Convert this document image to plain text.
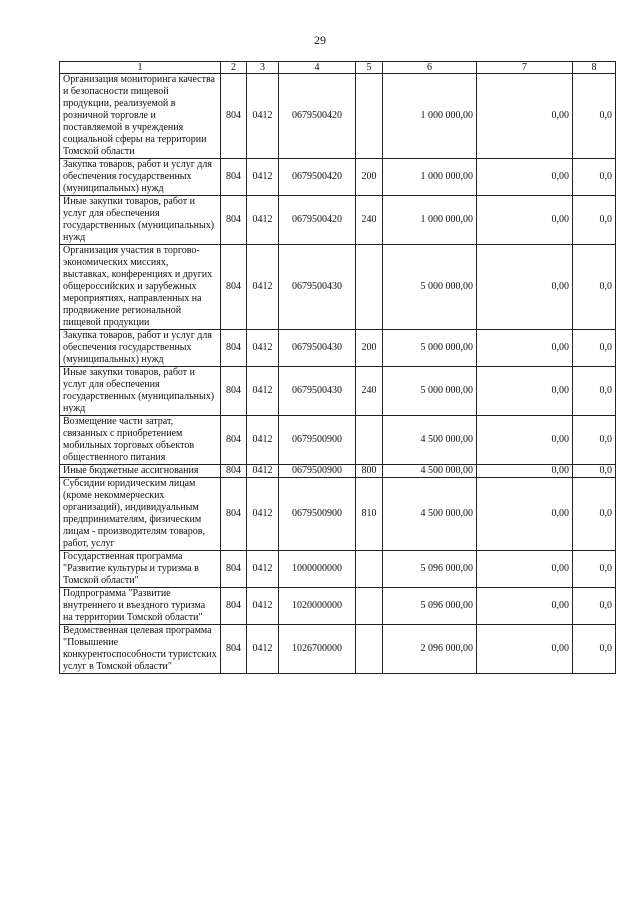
29
1	2	3	4	5	6	7	8
Организация мониторинга качества и безопасности пищевой продукции, реализуемой в розничной торговле и поставляемой в учреждения социальной сферы на территории Томской области	804	0412	0679500420		1 000 000,00	0,00	0,0
Закупка товаров, работ и услуг для обеспечения государственных (муниципальных) нужд	804	0412	0679500420	200	1 000 000,00	0,00	0,0
Иные закупки товаров, работ и услуг для обеспечения государственных (муниципальных) нужд	804	0412	0679500420	240	1 000 000,00	0,00	0,0
Организация участия в торгово-экономических миссиях, выставках, конференциях и других общероссийских и зарубежных мероприятиях, направленных на продвижение региональной пищевой продукции	804	0412	0679500430		5 000 000,00	0,00	0,0
Закупка товаров, работ и услуг для обеспечения государственных (муниципальных) нужд	804	0412	0679500430	200	5 000 000,00	0,00	0,0
Иные закупки товаров, работ и услуг для обеспечения государственных (муниципальных) нужд	804	0412	0679500430	240	5 000 000,00	0,00	0,0
Возмещение части затрат, связанных с приобретением мобильных торговых объектов общественного питания	804	0412	0679500900		4 500 000,00	0,00	0,0
Иные бюджетные ассигнования	804	0412	0679500900	800	4 500 000,00	0,00	0,0
Субсидии юридическим лицам (кроме некоммерческих организаций), индивидуальным предпринимателям, физическим лицам - производителям товаров, работ, услуг	804	0412	0679500900	810	4 500 000,00	0,00	0,0
Государственная программа "Развитие культуры и туризма в Томской области"	804	0412	1000000000		5 096 000,00	0,00	0,0
Подпрограмма "Развитие внутреннего и въездного туризма на территории Томской области"	804	0412	1020000000		5 096 000,00	0,00	0,0
Ведомственная целевая программа "Повышение конкурентоспособности туристских услуг в Томской области"	804	0412	1026700000		2 096 000,00	0,00	0,0
